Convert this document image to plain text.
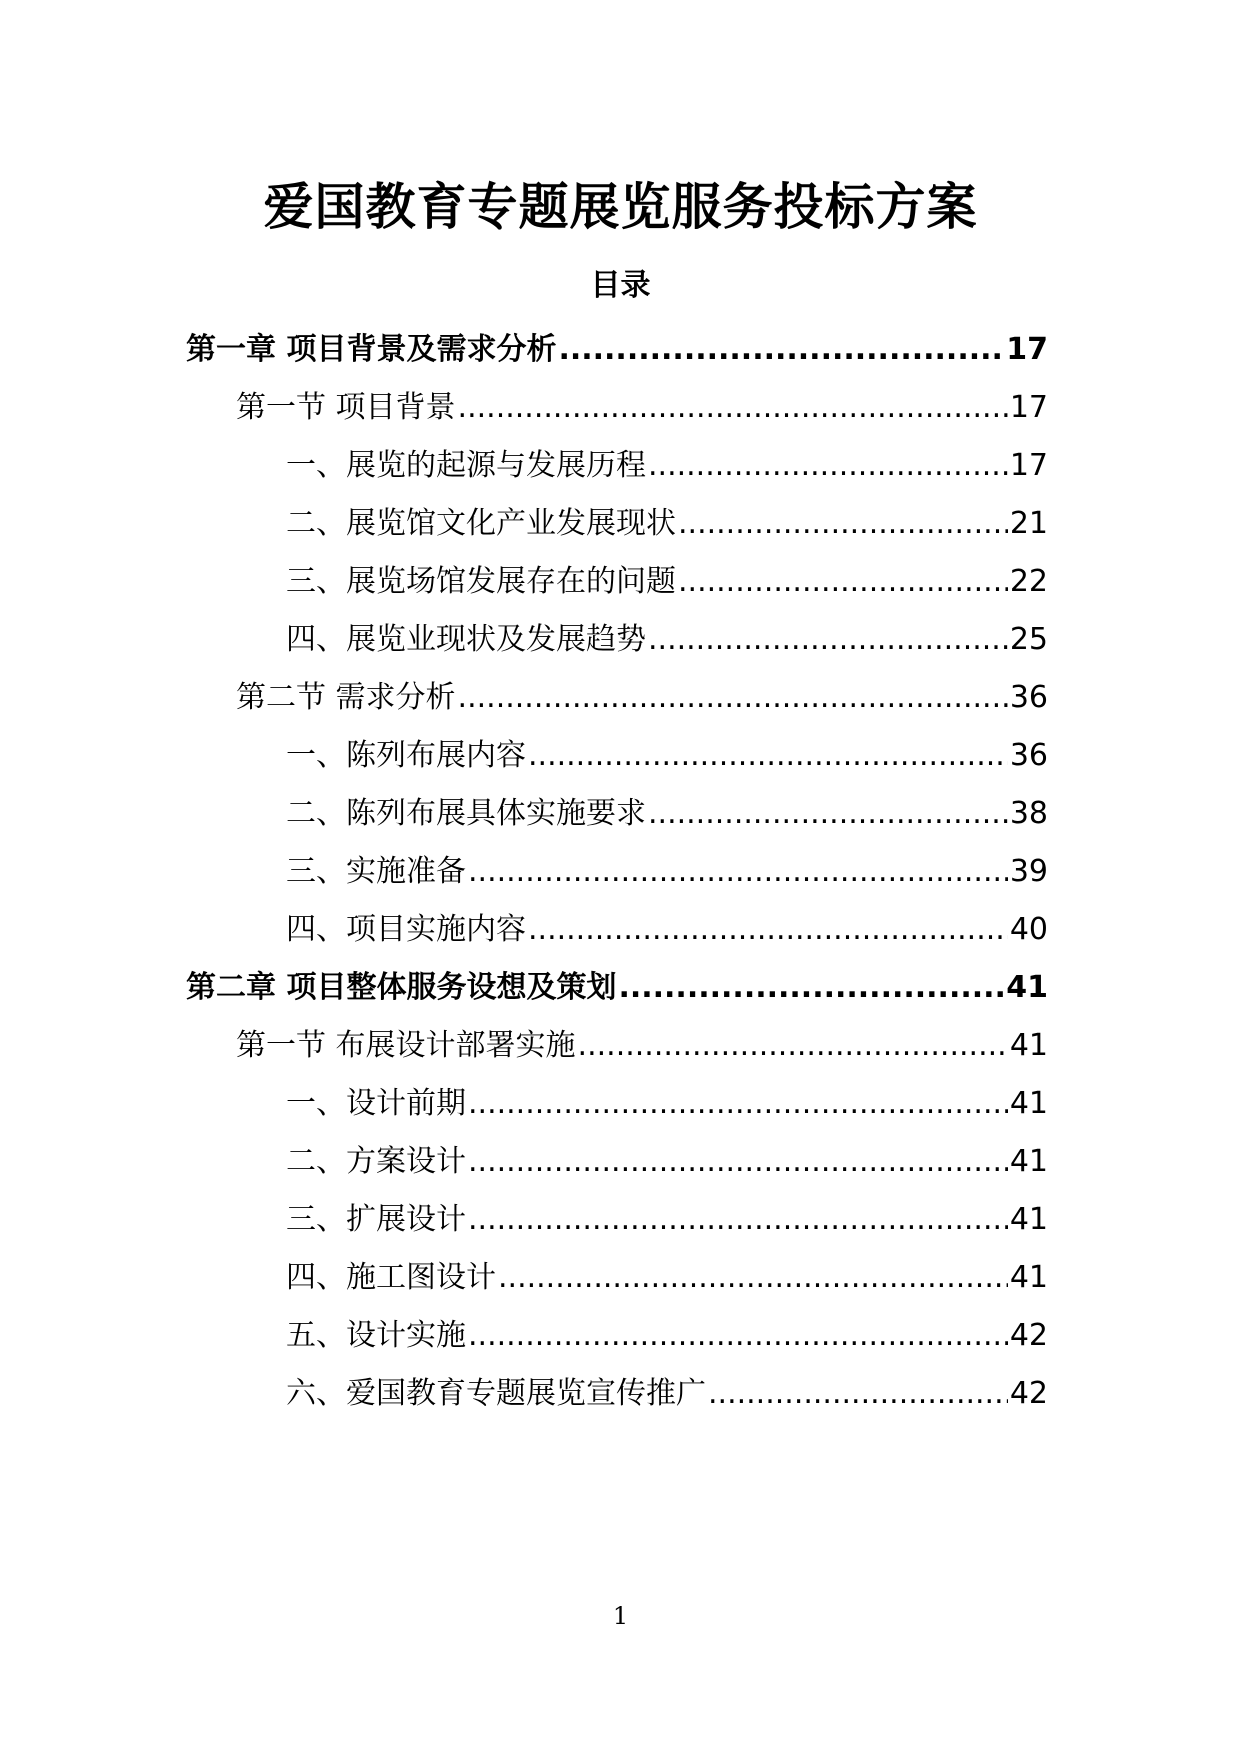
爱国教育专题展览服务投标方案
目录
第一章 项目背景及需求分析 .....	17
第一节 项目背景 .....	17
一、展览的起源与发展历程 .....	17
二、展览馆文化产业发展现状 .....	21
三、展览场馆发展存在的问题 .....	22
四、展览业现状及发展趋势 .....	25
第二节 需求分析 .....	36
一、陈列布展内容 .....	36
二、陈列布展具体实施要求 .....	38
三、实施准备 .....	39
四、项目实施内容 .....	40
第二章 项目整体服务设想及策划 .....	41
第一节 布展设计部署实施 .....	41
一、设计前期 .....	41
二、方案设计 .....	41
三、扩展设计 .....	41
四、施工图设计 .....	41
五、设计实施 .....	42
六、爱国教育专题展览宣传推广 .....	42
1
